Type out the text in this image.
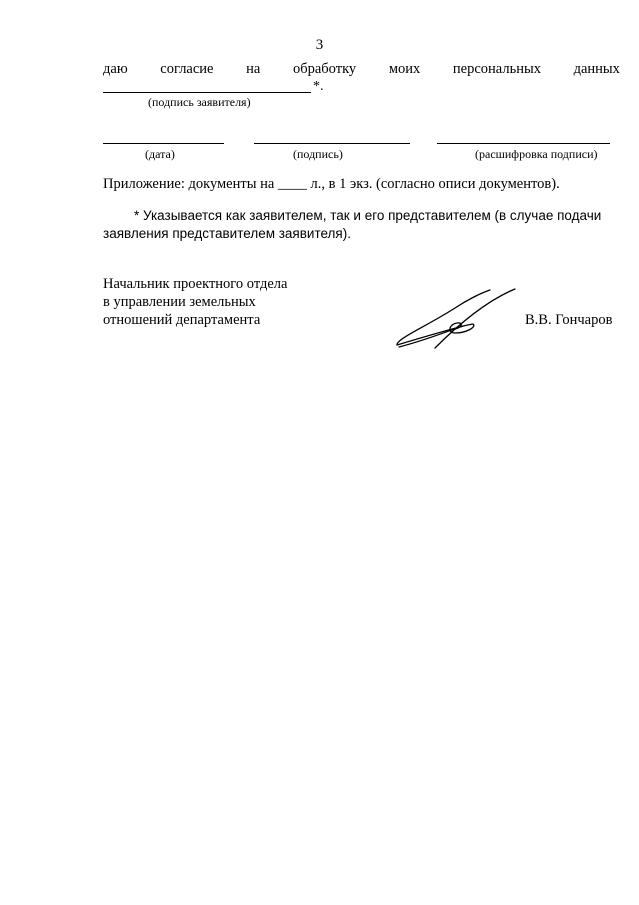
3
даю согласие на обработку моих персональных данных
*.
(подпись заявителя)
(дата)	(подпись)	(расшифровка подписи)
Приложение: документы на ____ л., в 1 экз. (согласно описи документов).
* Указывается как заявителем, так и его представителем (в случае подачи
заявления представителем заявителя).
Начальник проектного отдела
в управлении земельных
отношений департамента	В.В. Гончаров
